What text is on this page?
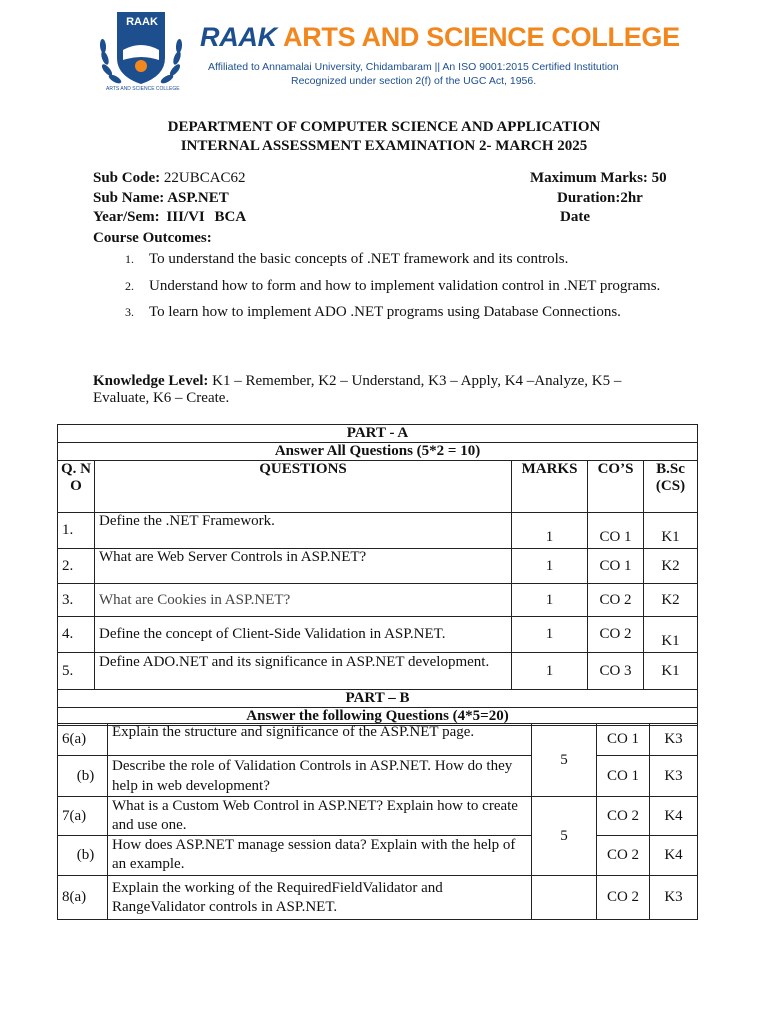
RAAK
ARTS AND SCIENCE COLLEGE
RAAK ARTS AND SCIENCE COLLEGE
Affiliated to Annamalai University, Chidambaram || An ISO 9001:2015 Certified Institution
Recognized under section 2(f) of the UGC Act, 1956.
DEPARTMENT OF COMPUTER SCIENCE AND APPLICATION
INTERNAL ASSESSMENT EXAMINATION 2- MARCH 2025
Sub Code: 22UBCAC62	Maximum Marks: 50
Sub Name: ASP.NET	Duration:2hr
Year/Sem: III/VI BCA	Date
Course Outcomes:
1. To understand the basic concepts of .NET framework and its controls.
2. Understand how to form and how to implement validation control in .NET programs.
3. To learn how to implement ADO .NET programs using Database Connections.
Knowledge Level: K1 – Remember, K2 – Understand, K3 – Apply, K4 –Analyze, K5 – Evaluate, K6 – Create.
PART - A				
Answer All Questions (5*2 = 10)				
Q. N O	QUESTIONS	MARKS	CO’S	B.Sc (CS)
1.	Define the .NET Framework.	1	CO 1	K1
2.	What are Web Server Controls in ASP.NET?	1	CO 1	K2
3.	What are Cookies in ASP.NET?	1	CO 2	K2
4.	Define the concept of Client-Side Validation in ASP.NET.	1	CO 2	K1
5.	Define ADO.NET and its significance in ASP.NET development.	1	CO 3	K1
PART – B				
Answer the following Questions (4*5=20)				
6(a)	Explain the structure and significance of the ASP.NET page.	5	CO 1	K3
(b)	Describe the role of Validation Controls in ASP.NET. How do they help in web development?		CO 1	K3
7(a)	What is a Custom Web Control in ASP.NET? Explain how to create and use one.	5	CO 2	K4
(b)	How does ASP.NET manage session data? Explain with the help of an example.		CO 2	K4
8(a)	Explain the working of the RequiredFieldValidator and RangeValidator controls in ASP.NET.		CO 2	K3
